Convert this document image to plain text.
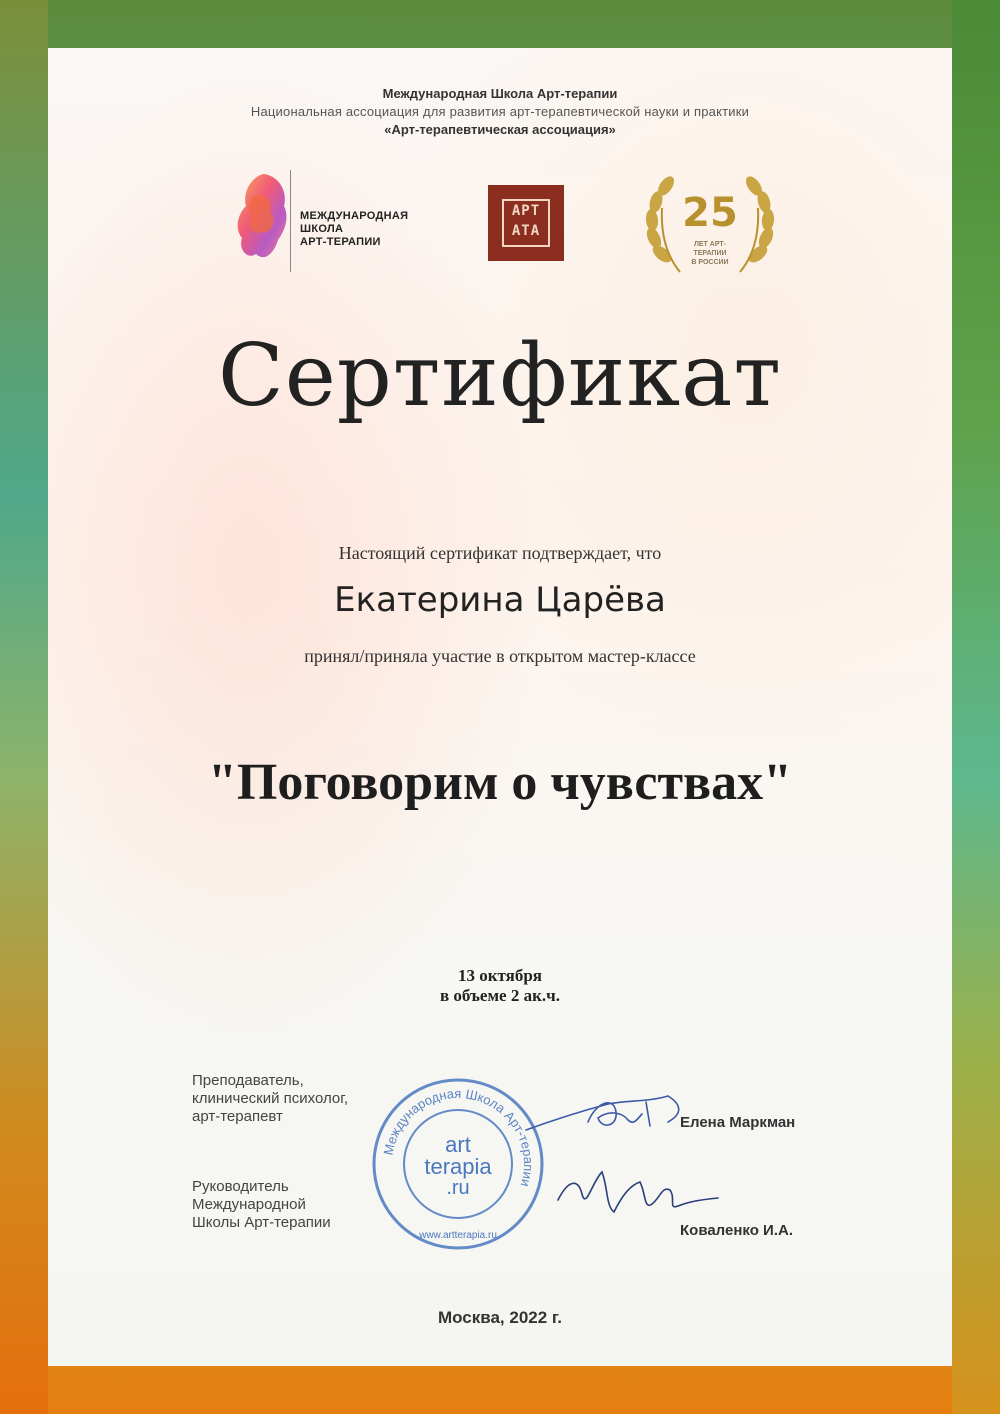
Международная Школа Арт-терапии
Национальная ассоциация для развития арт-терапевтической науки и практики
«Арт-терапевтическая ассоциация»
МЕЖДУНАРОДНАЯ
ШКОЛА
АРТ-ТЕРАПИИ
АРТ
АТА	25
ЛЕТ АРТ-ТЕРАПИИ
В РОССИИ
Сертификат
Настоящий сертификат подтверждает, что
Екатерина Царёва
принял/приняла участие в открытом мастер-классе
"Поговорим о чувствах"
13 октября
в объеме 2 ак.ч.
Преподаватель,
клинический психолог,
арт-терапевт
Руководитель
Международной
Школы Арт-терапии
Международная Школа Арт-терапии
art
terapia
.ru
www.artterapia.ru
Елена Маркман
Коваленко И.А.
Москва, 2022 г.
